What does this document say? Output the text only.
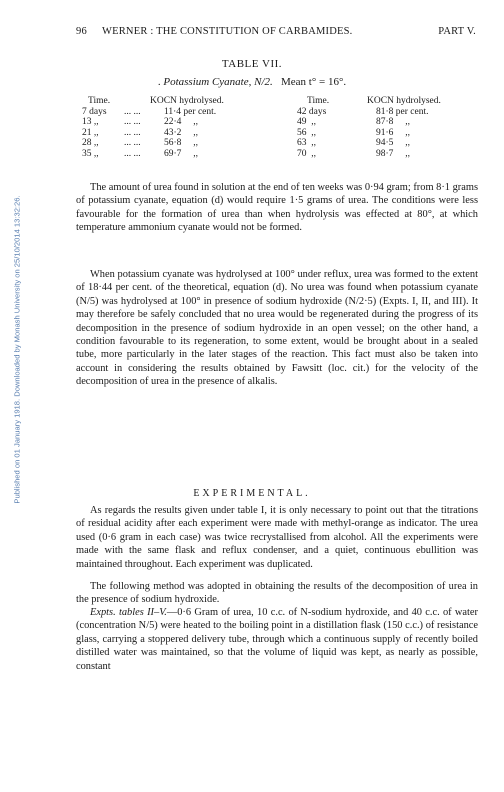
96 WERNER : THE CONSTITUTION OF CARBAMIDES.	PART V.
Published on 01 January 1918. Downloaded by Monash University on 25/10/2014 13:32:26.
TABLE VII.
. Potassium Cyanate, N/2. Mean t° = 16°.
Time.	KOCN hydrolysed.	Time.	KOCN hydrolysed.
7 days ... ... 11·4 per cent.	42 days	81·8 per cent.
13 ,,	... ... 22·4     ,,	49  ,,	87·8     ,,
21 ,,	... ... 43·2     ,,	56  ,,	91·6     ,,
28 ,,	... ... 56·8     ,,	63  ,,	94·5     ,,
35 ,,	... ... 69·7     ,,	70  ,,	98·7     ,,

The amount of urea found in solution at the end of ten weeks was 0·94 gram; from 8·1 grams of potassium cyanate, equation (d) would require 1·5 grams of urea. The conditions were less favourable for the formation of urea than when hydrolysis was effected at 80°, at which temperature ammonium cyanate would not be formed.

When potassium cyanate was hydrolysed at 100° under reflux, urea was formed to the extent of 18·44 per cent. of the theoretical, equation (d). No urea was found when potassium cyanate (N/5) was hydrolysed at 100° in presence of sodium hydroxide (N/2·5) (Expts. I, II, and III). It may therefore be safely concluded that no urea would be regenerated during the progress of its decomposition in the presence of sodium hydroxide in an open vessel; on the other hand, a condition favourable to its regeneration, to some extent, would be brought about in a sealed tube, more particularly in the later stages of the reaction. This fact must also be taken into account in considering the results obtained by Fawsitt (loc. cit.) for the velocity of the decomposition of urea in the presence of alkalis.

EXPERIMENTAL.

As regards the results given under table I, it is only necessary to point out that the titrations of residual acidity after each experiment were made with methyl-orange as indicator. The urea used (0·6 gram in each case) was twice recrystallised from alcohol. All the experiments were made with the same flask and reflux condenser, and a quiet, continuous ebullition was maintained throughout. Each experiment was duplicated.

The following method was adopted in obtaining the results of the decomposition of urea in the presence of sodium hydroxide.

Expts. tables II–V.—0·6 Gram of urea, 10 c.c. of N-sodium hydroxide, and 40 c.c. of water (concentration N/5) were heated to the boiling point in a distillation flask (150 c.c.) of resistance glass, carrying a stoppered delivery tube, through which a continuous supply of recently boiled distilled water was maintained, so that the volume of liquid was kept, as nearly as possible, constant
